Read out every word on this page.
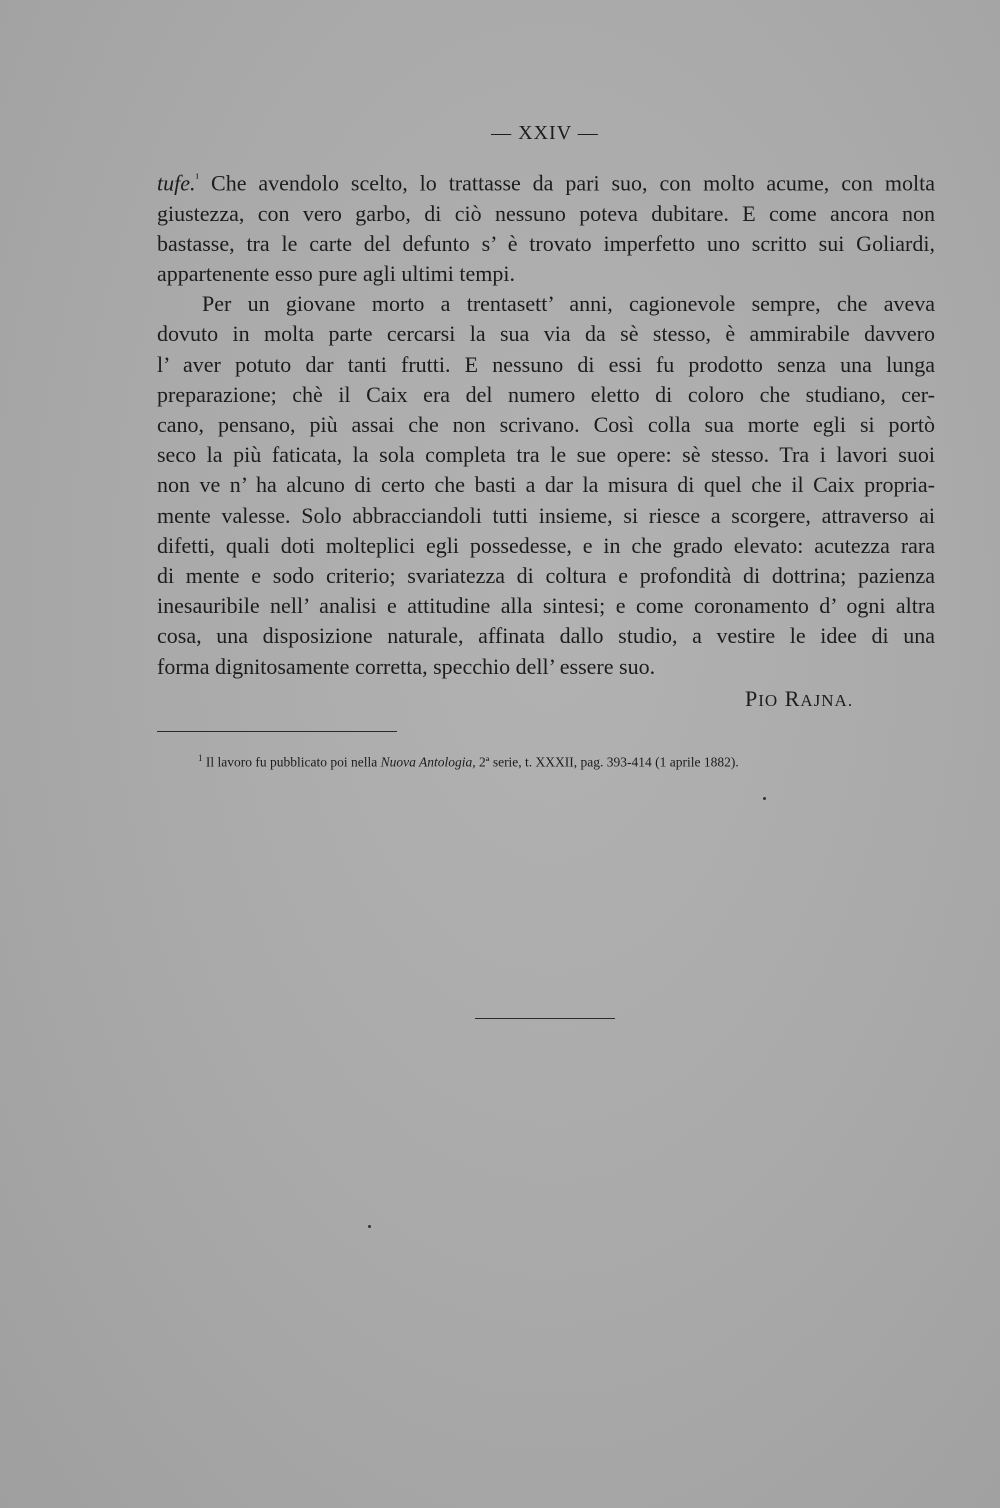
— XXIV —
tufe.$^{^1}$ Che avendolo scelto, lo trattasse da pari suo, con molto acume, con molta
giustezza, con vero garbo, di ciò nessuno poteva dubitare. E come ancora non
bastasse, tra le carte del defunto s’ è trovato imperfetto uno scritto sui Goliardi,
appartenente esso pure agli ultimi tempi.
Per un giovane morto a trentasett’ anni, cagionevole sempre, che aveva
dovuto in molta parte cercarsi la sua via da sè stesso, è ammirabile davvero
l’ aver potuto dar tanti frutti. E nessuno di essi fu prodotto senza una lunga
preparazione; chè il Caix era del numero eletto di coloro che studiano, cer-
cano, pensano, più assai che non scrivano. Così colla sua morte egli si portò
seco la più faticata, la sola completa tra le sue opere: sè stesso. Tra i lavori suoi
non ve n’ ha alcuno di certo che basti a dar la misura di quel che il Caix propria-
mente valesse. Solo abbracciandoli tutti insieme, si riesce a scorgere, attraverso ai
difetti, quali doti molteplici egli possedesse, e in che grado elevato: acutezza rara
di mente e sodo criterio; svariatezza di coltura e profondità di dottrina; pazienza
inesauribile nell’ analisi e attitudine alla sintesi; e come coronamento d’ ogni altra
cosa, una disposizione naturale, affinata dallo studio, a vestire le idee di una
forma dignitosamente corretta, specchio dell’ essere suo.
PIO RAJNA.
$^1$ Il lavoro fu pubblicato poi nella Nuova Antologia, 2ª serie, t. XXXII, pag. 393-414 (1 aprile 1882).
